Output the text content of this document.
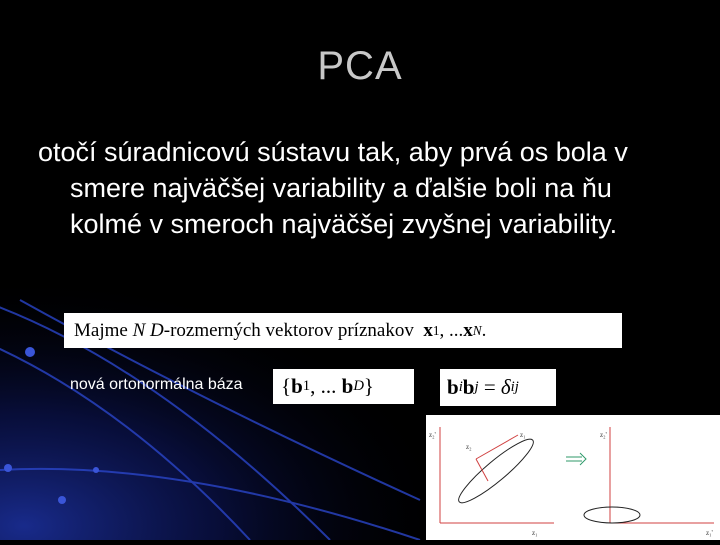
PCA

otočí súradnicovú sústavu tak, aby prvá os bola v smere najväčšej variability a ďalšie boli na ňu kolmé v smeroch najväčšej zvyšnej variability.

Majme
N
D -rozmerných vektorov príznakov
x 1 , ... x N .
nová ortonormálna báza	{ b 1 , ... b D }	b i b j = δ ij
z₂'
z₁
z₁
z₂
z₂'
z₁'
